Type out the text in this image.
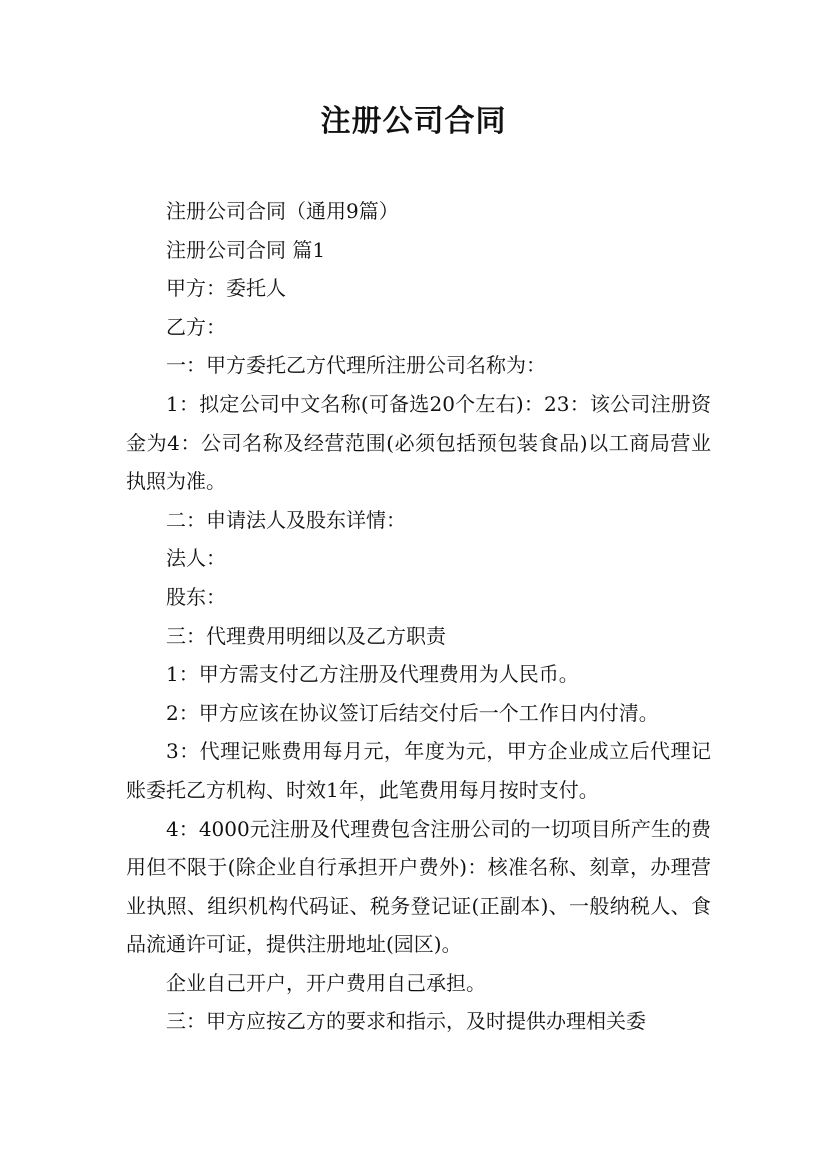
注册公司合同

注册公司合同（通用9篇）

注册公司合同 篇1

甲方：委托人

乙方：

一：甲方委托乙方代理所注册公司名称为：

1：拟定公司中文名称(可备选20个左右)：23：该公司注册资金为4：公司名称及经营范围(必须包括预包装食品)以工商局营业执照为准。

二：申请法人及股东详情：

法人：

股东：

三：代理费用明细以及乙方职责

1：甲方需支付乙方注册及代理费用为人民币。

2：甲方应该在协议签订后结交付后一个工作日内付清。

3：代理记账费用每月元，年度为元，甲方企业成立后代理记账委托乙方机构、时效1年，此笔费用每月按时支付。

4：4000元注册及代理费包含注册公司的一切项目所产生的费用但不限于(除企业自行承担开户费外)：核准名称、刻章，办理营业执照、组织机构代码证、税务登记证(正副本)、一般纳税人、食品流通许可证，提供注册地址(园区)。

企业自己开户，开户费用自己承担。

三：甲方应按乙方的要求和指示，及时提供办理相关委
